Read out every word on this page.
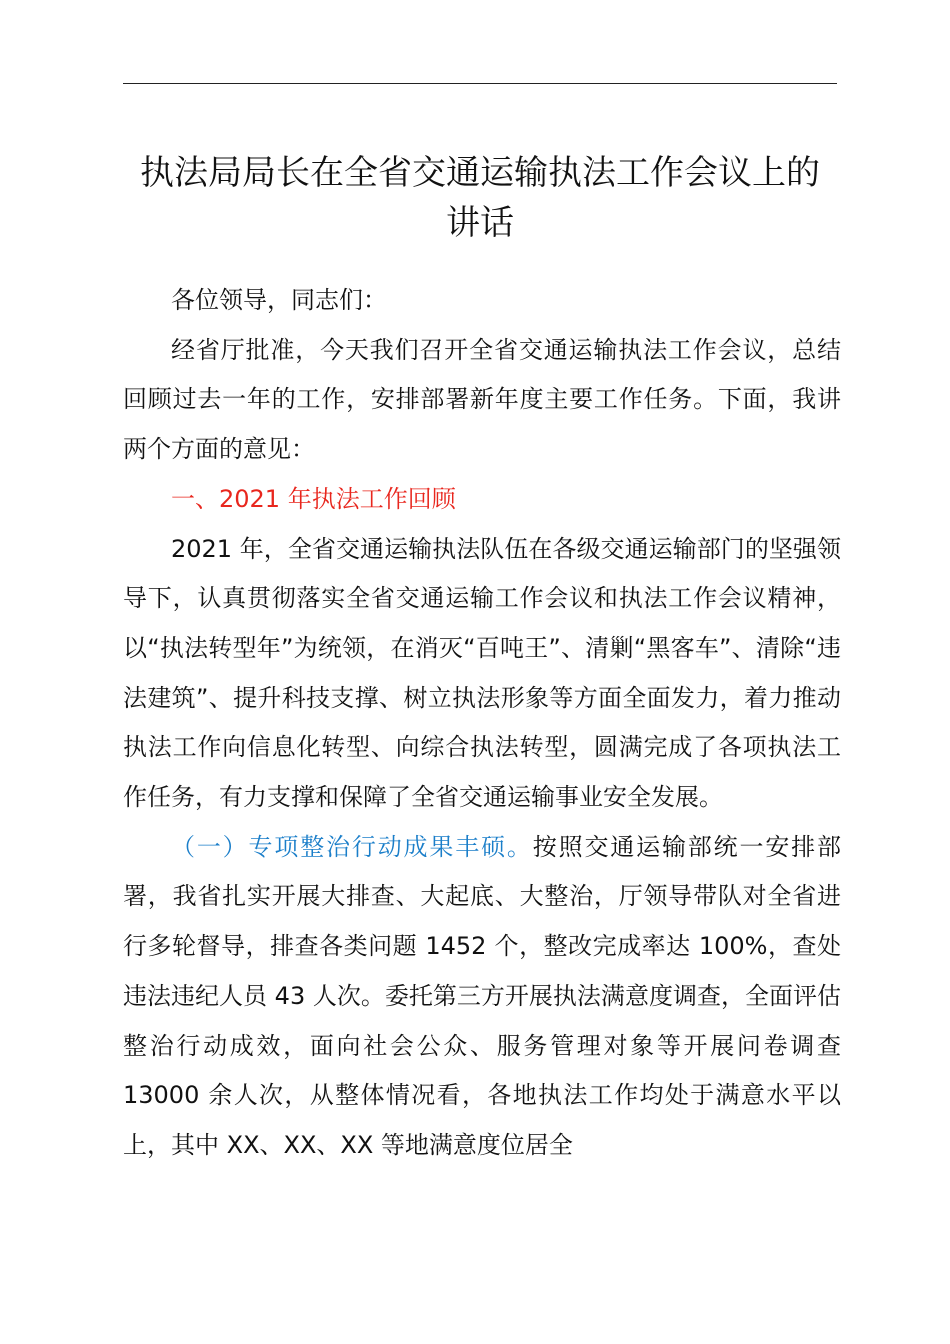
执法局局长在全省交通运输执法工作会议上的
讲话

各位领导，同志们：

经省厅批准，今天我们召开全省交通运输执法工作会议，总结回顾过去一年的工作，安排部署新年度主要工作任务。下面，我讲两个方面的意见：

一、2021 年执法工作回顾

2021 年，全省交通运输执法队伍在各级交通运输部门的坚强领导下，认真贯彻落实全省交通运输工作会议和执法工作会议精神，以“执法转型年”为统领，在消灭“百吨王”、清剿“黑客车”、清除“违法建筑”、提升科技支撑、树立执法形象等方面全面发力，着力推动执法工作向信息化转型、向综合执法转型，圆满完成了各项执法工作任务，有力支撑和保障了全省交通运输事业安全发展。

（一）专项整治行动成果丰硕。按照交通运输部统一安排部署，我省扎实开展大排查、大起底、大整治，厅领导带队对全省进行多轮督导，排查各类问题 1452 个，整改完成率达 100%，查处违法违纪人员 43 人次。委托第三方开展执法满意度调查，全面评估整治行动成效，面向社会公众、服务管理对象等开展问卷调查 13000 余人次，从整体情况看，各地执法工作均处于满意水平以上，其中 XX、XX、XX 等地满意度位居全
